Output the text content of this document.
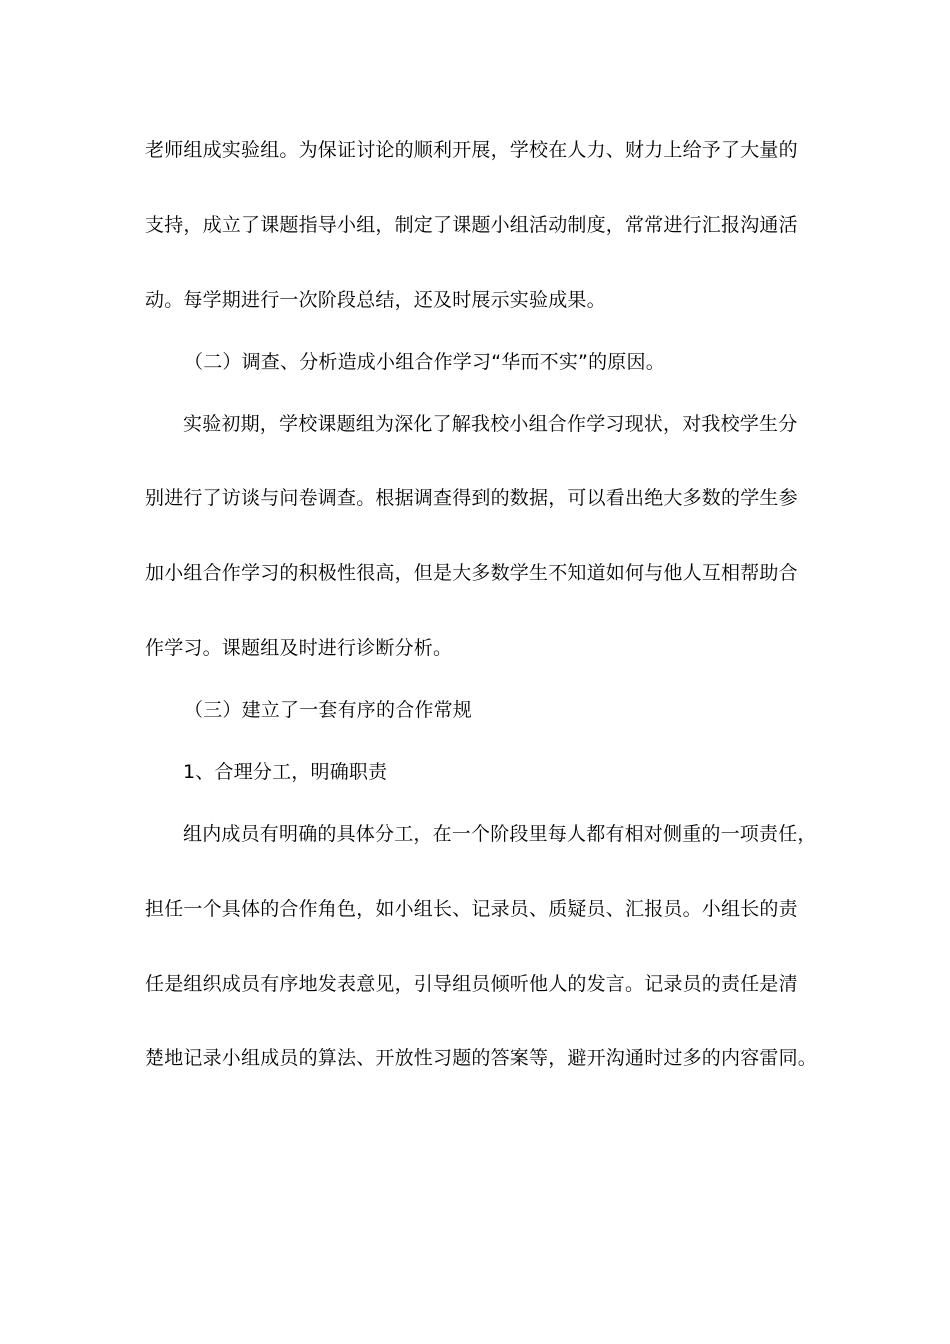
老师组成实验组。为保证讨论的顺利开展，学校在人力、财力上给予了大量的
支持，成立了课题指导小组，制定了课题小组活动制度，常常进行汇报沟通活
动。每学期进行一次阶段总结，还及时展示实验成果。
（二）调查、分析造成小组合作学习“华而不实”的原因。
实验初期，学校课题组为深化了解我校小组合作学习现状，对我校学生分
别进行了访谈与问卷调查。根据调查得到的数据，可以看出绝大多数的学生参
加小组合作学习的积极性很高，但是大多数学生不知道如何与他人互相帮助合
作学习。课题组及时进行诊断分析。
（三）建立了一套有序的合作常规
1、合理分工，明确职责
组内成员有明确的具体分工，在一个阶段里每人都有相对侧重的一项责任，
担任一个具体的合作角色，如小组长、记录员、质疑员、汇报员。小组长的责
任是组织成员有序地发表意见，引导组员倾听他人的发言。记录员的责任是清
楚地记录小组成员的算法、开放性习题的答案等，避开沟通时过多的内容雷同。
